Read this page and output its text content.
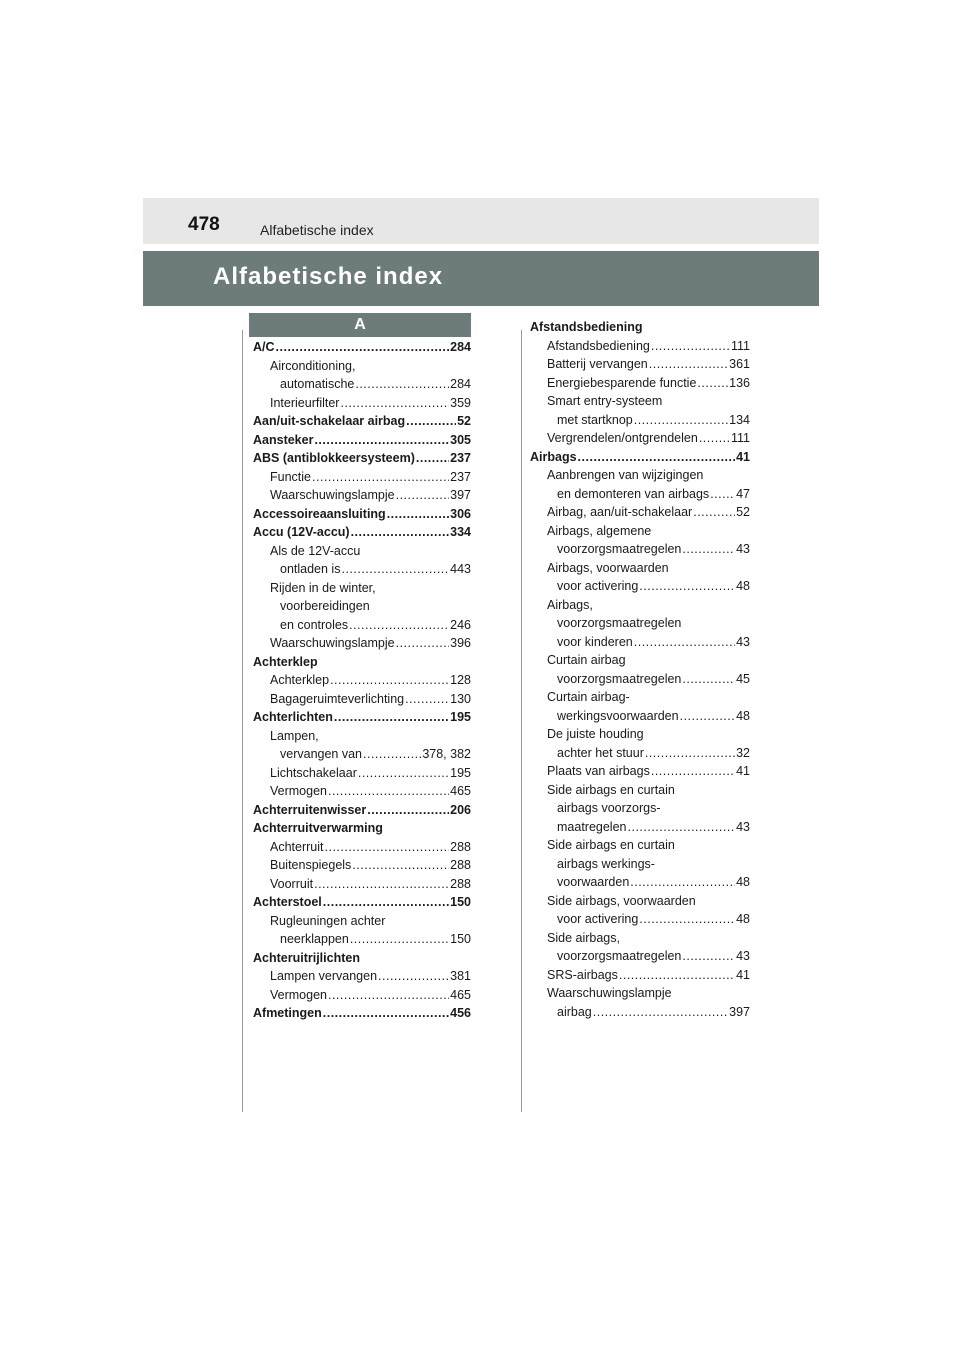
478	Alfabetische index
Alfabetische index
A
A/C .....	284
Airconditioning,
automatische .....	284
Interieurfilter .....	359
Aan/uit-schakelaar airbag .....	52
Aansteker .....	305
ABS (antiblokkeersysteem) .....	237
Functie .....	237
Waarschuwingslampje .....	397
Accessoireaansluiting .....	306
Accu (12V-accu) .....	334
Als de 12V-accu
ontladen is .....	443
Rijden in de winter,
voorbereidingen
en controles .....	246
Waarschuwingslampje .....	396
Achterklep
Achterklep .....	128
Bagageruimteverlichting .....	130
Achterlichten .....	195
Lampen,
vervangen van .....	378, 382
Lichtschakelaar .....	195
Vermogen .....	465
Achterruitenwisser .....	206
Achterruitverwarming
Achterruit .....	288
Buitenspiegels .....	288
Voorruit .....	288
Achterstoel .....	150
Rugleuningen achter
neerklappen .....	150
Achteruitrijlichten
Lampen vervangen .....	381
Vermogen .....	465
Afmetingen .....	456
Afstandsbediening
Afstandsbediening .....	111
Batterij vervangen .....	361
Energiebesparende functie .....	136
Smart entry-systeem
met startknop .....	134
Vergrendelen/ontgrendelen .....	111
Airbags .....	41
Aanbrengen van wijzigingen
en demonteren van airbags ..... 47
Airbag, aan/uit-schakelaar .....	52
Airbags, algemene
voorzorgsmaatregelen .....	43
Airbags, voorwaarden
voor activering .....	48
Airbags,
voorzorgsmaatregelen
voor kinderen .....	43
Curtain airbag
voorzorgsmaatregelen .....	45
Curtain airbag-
werkingsvoorwaarden .....	48
De juiste houding
achter het stuur .....	32
Plaats van airbags .....	41
Side airbags en curtain
airbags voorzorgs-
maatregelen .....	43
Side airbags en curtain
airbags werkings-
voorwaarden .....	48
Side airbags, voorwaarden
voor activering .....	48
Side airbags,
voorzorgsmaatregelen .....	43
SRS-airbags .....	41
Waarschuwingslampje
airbag .....	397
